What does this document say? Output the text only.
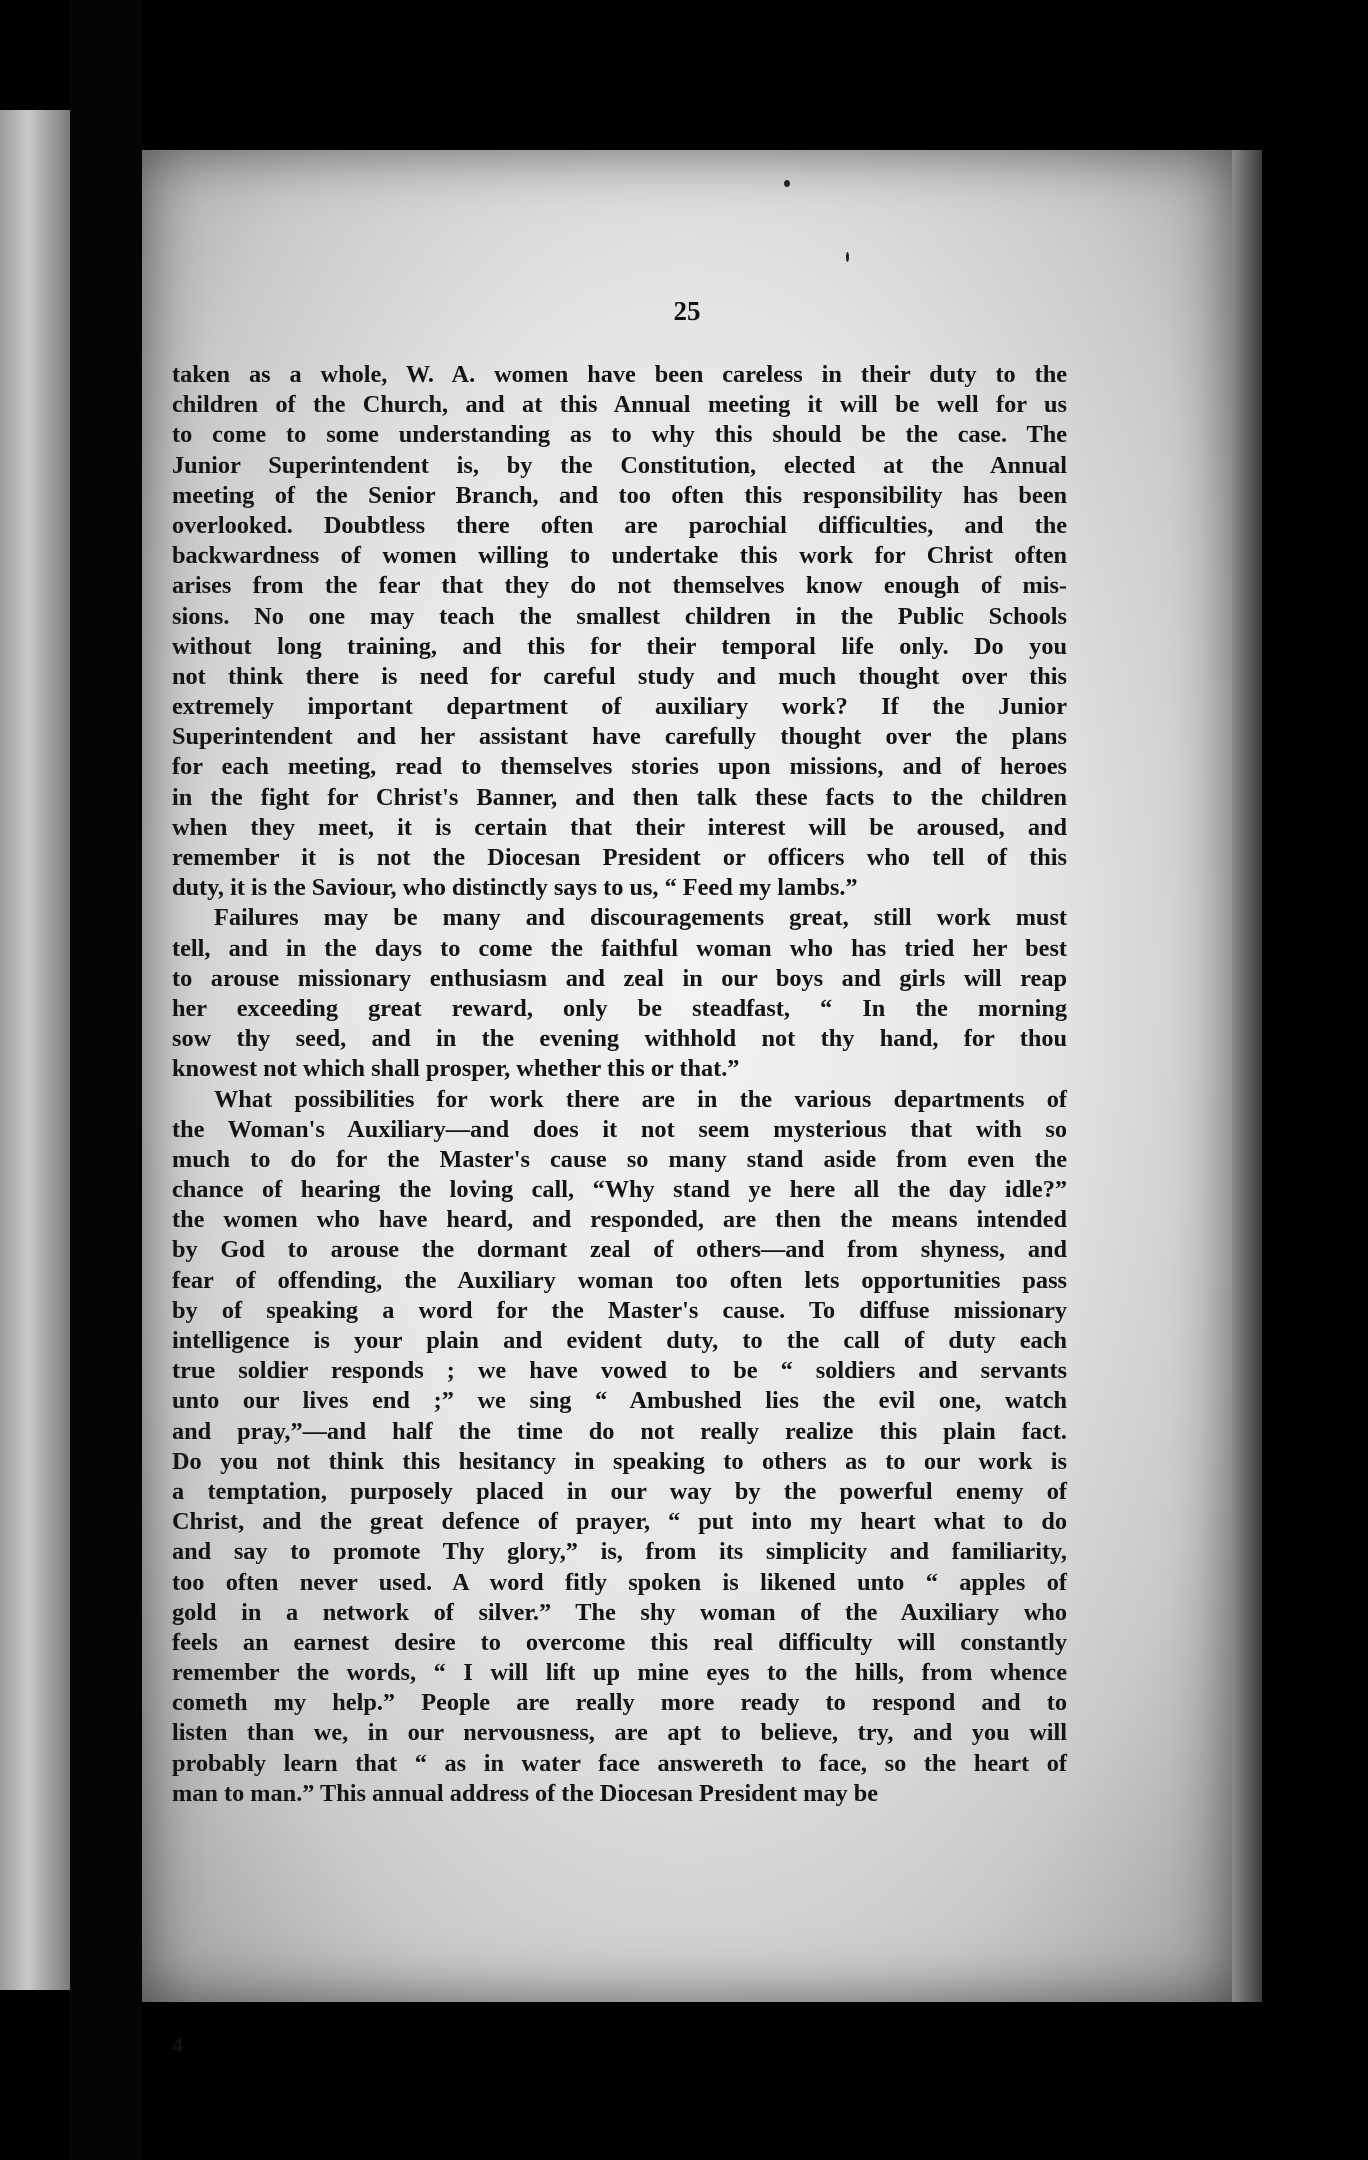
25
taken as a whole, W. A. women have been careless in their duty to the
children of the Church, and at this Annual meeting it will be well for us
to come to some understanding as to why this should be the case. The
Junior Superintendent is, by the Constitution, elected at the Annual
meeting of the Senior Branch, and too often this responsibility has been
overlooked. Doubtless there often are parochial difficulties, and the
backwardness of women willing to undertake this work for Christ often
arises from the fear that they do not themselves know enough of mis-
sions. No one may teach the smallest children in the Public Schools
without long training, and this for their temporal life only. Do you
not think there is need for careful study and much thought over this
extremely important department of auxiliary work? If the Junior
Superintendent and her assistant have carefully thought over the plans
for each meeting, read to themselves stories upon missions, and of heroes
in the fight for Christ's Banner, and then talk these facts to the children
when they meet, it is certain that their interest will be aroused, and
remember it is not the Diocesan President or officers who tell of this
duty, it is the Saviour, who distinctly says to us, “ Feed my lambs.”
Failures may be many and discouragements great, still work must
tell, and in the days to come the faithful woman who has tried her best
to arouse missionary enthusiasm and zeal in our boys and girls will reap
her exceeding great reward, only be steadfast, “ In the morning
sow thy seed, and in the evening withhold not thy hand, for thou
knowest not which shall prosper, whether this or that.”
What possibilities for work there are in the various departments of
the Woman's Auxiliary—and does it not seem mysterious that with so
much to do for the Master's cause so many stand aside from even the
chance of hearing the loving call, “Why stand ye here all the day idle?”
the women who have heard, and responded, are then the means intended
by God to arouse the dormant zeal of others—and from shyness, and
fear of offending, the Auxiliary woman too often lets opportunities pass
by of speaking a word for the Master's cause. To diffuse missionary
intelligence is your plain and evident duty, to the call of duty each
true soldier responds ; we have vowed to be “ soldiers and servants
unto our lives end ;” we sing “ Ambushed lies the evil one, watch
and pray,”—and half the time do not really realize this plain fact.
Do you not think this hesitancy in speaking to others as to our work is
a temptation, purposely placed in our way by the powerful enemy of
Christ, and the great defence of prayer, “ put into my heart what to do
and say to promote Thy glory,” is, from its simplicity and familiarity,
too often never used. A word fitly spoken is likened unto “ apples of
gold in a network of silver.” The shy woman of the Auxiliary who
feels an earnest desire to overcome this real difficulty will constantly
remember the words, “ I will lift up mine eyes to the hills, from whence
cometh my help.” People are really more ready to respond and to
listen than we, in our nervousness, are apt to believe, try, and you will
probably learn that “ as in water face answereth to face, so the heart of
man to man.” This annual address of the Diocesan President may be
4
